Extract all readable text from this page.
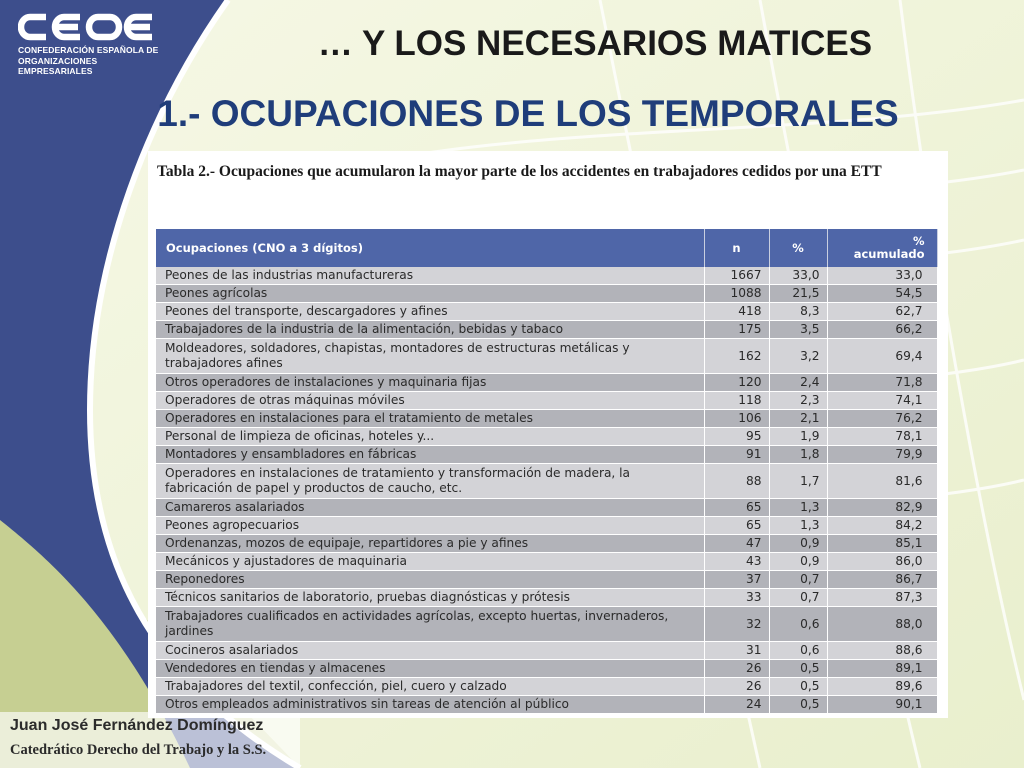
CONFEDERACIÓN ESPAÑOLA DE
ORGANIZACIONES EMPRESARIALES
… Y LOS NECESARIOS MATICES
1.- OCUPACIONES DE LOS TEMPORALES
Tabla 2.- Ocupaciones que acumularon la mayor parte de los accidentes en trabajadores cedidos por una ETT
Ocupaciones (CNO a 3 dígitos)	n	%	%
acumulado

Peones de las industrias manufactureras	1667	33,0	33,0
Peones agrícolas	1088	21,5	54,5
Peones del transporte, descargadores y afines	418	8,3	62,7
Trabajadores de la industria de la alimentación, bebidas y tabaco	175	3,5	66,2
Moldeadores, soldadores, chapistas, montadores de estructuras metálicas y trabajadores afines	162	3,2	69,4
Otros operadores de instalaciones y maquinaria fijas	120	2,4	71,8
Operadores de otras máquinas móviles	118	2,3	74,1
Operadores en instalaciones para el tratamiento de metales	106	2,1	76,2
Personal de limpieza de oficinas, hoteles y...	95	1,9	78,1
Montadores y ensambladores en fábricas	91	1,8	79,9
Operadores en instalaciones de tratamiento y transformación de madera, la fabricación de papel y productos de caucho, etc.	88	1,7	81,6
Camareros asalariados	65	1,3	82,9
Peones agropecuarios	65	1,3	84,2
Ordenanzas, mozos de equipaje, repartidores a pie y afines	47	0,9	85,1
Mecánicos y ajustadores de maquinaria	43	0,9	86,0
Reponedores	37	0,7	86,7
Técnicos sanitarios de laboratorio, pruebas diagnósticas y prótesis	33	0,7	87,3
Trabajadores cualificados en actividades agrícolas, excepto huertas, invernaderos, jardines	32	0,6	88,0
Cocineros asalariados	31	0,6	88,6
Vendedores en tiendas y almacenes	26	0,5	89,1
Trabajadores del textil, confección, piel, cuero y calzado	26	0,5	89,6
Otros empleados administrativos sin tareas de atención al público	24	0,5	90,1
Juan José Fernández Domínguez
Catedrático Derecho del Trabajo y la S.S.
